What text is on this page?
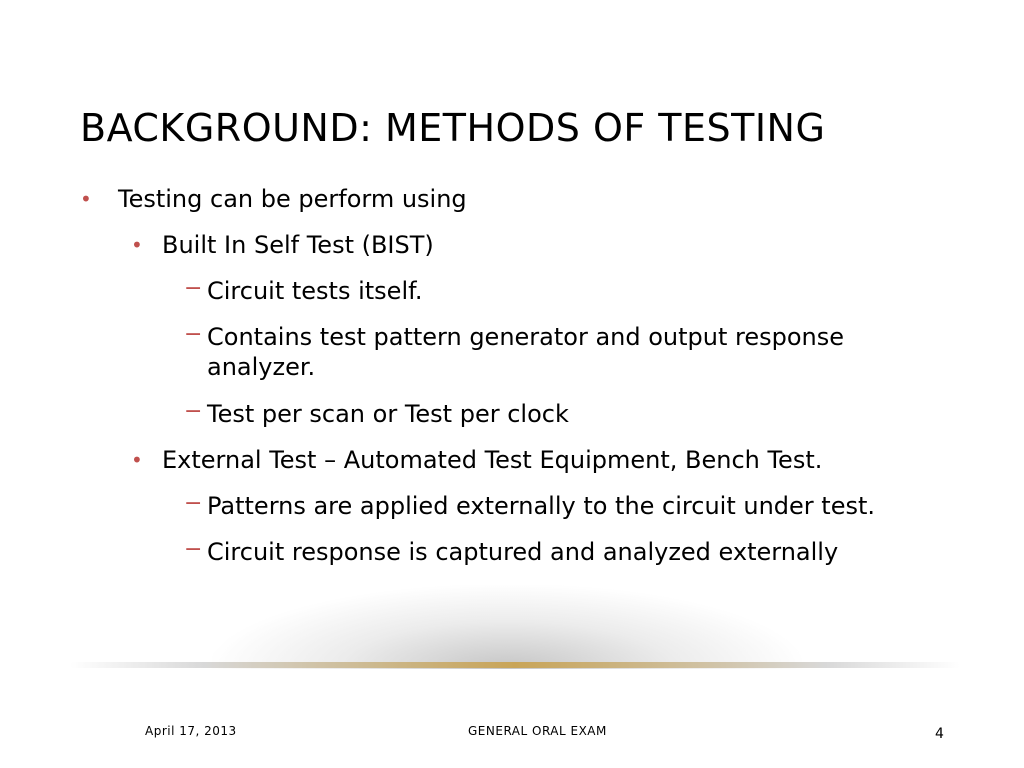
BACKGROUND: METHODS OF TESTING
• Testing can be perform using
• Built In Self Test (BIST)
− Circuit tests itself.
− Contains test pattern generator and output response
analyzer.
− Test per scan or Test per clock
• External Test – Automated Test Equipment, Bench Test.
− Patterns are applied externally to the circuit under test.
− Circuit response is captured and analyzed externally
April 17, 2013	GENERAL ORAL EXAM	4
